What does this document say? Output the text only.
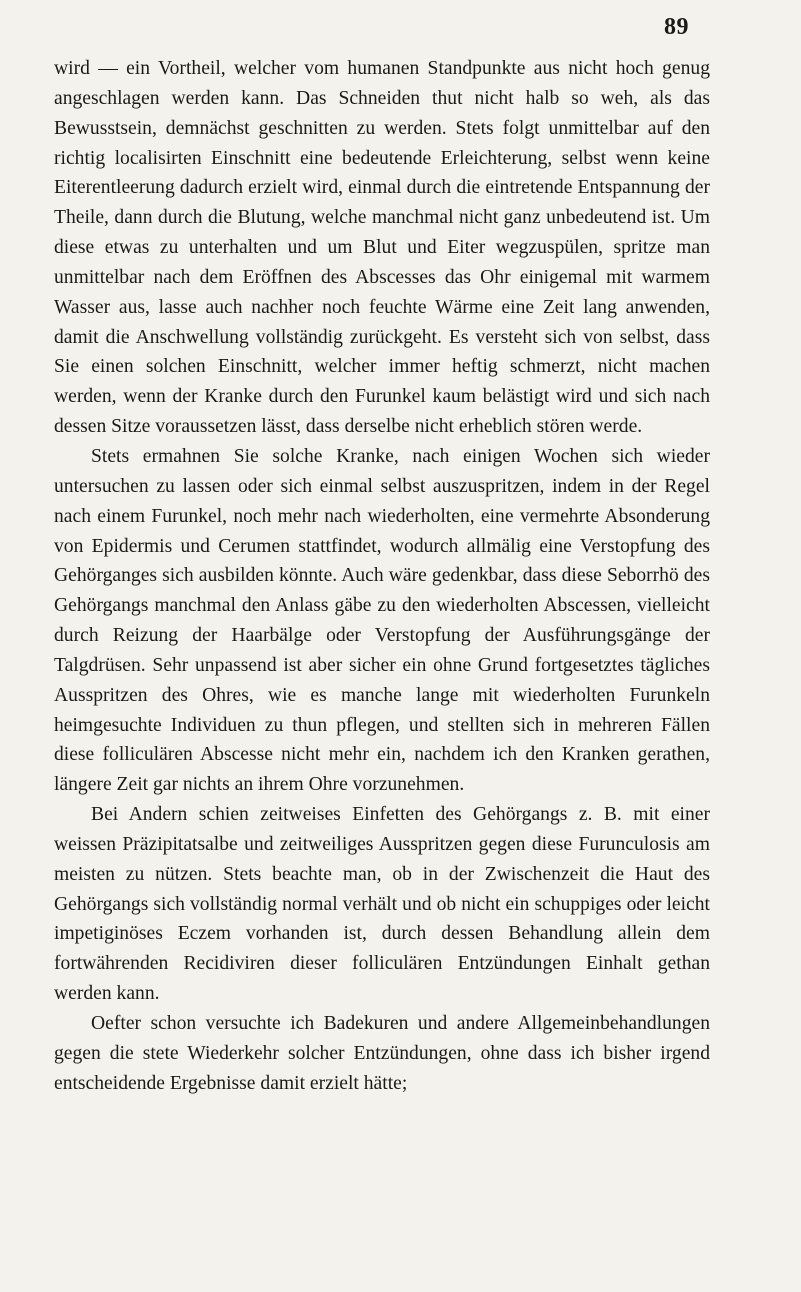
89

wird — ein Vortheil, welcher vom humanen Standpunkte aus nicht hoch genug angeschlagen werden kann. Das Schneiden thut nicht halb so weh, als das Bewusstsein, demnächst geschnitten zu werden. Stets folgt unmittelbar auf den richtig localisirten Einschnitt eine bedeutende Erleichterung, selbst wenn keine Eiterentleerung dadurch erzielt wird, einmal durch die eintretende Entspannung der Theile, dann durch die Blutung, welche manchmal nicht ganz unbedeutend ist. Um diese etwas zu unterhalten und um Blut und Eiter wegzuspülen, spritze man unmittelbar nach dem Eröffnen des Abscesses das Ohr einigemal mit warmem Wasser aus, lasse auch nachher noch feuchte Wärme eine Zeit lang anwenden, damit die Anschwellung vollständig zurückgeht. Es versteht sich von selbst, dass Sie einen solchen Einschnitt, welcher immer heftig schmerzt, nicht machen werden, wenn der Kranke durch den Furunkel kaum belästigt wird und sich nach dessen Sitze voraussetzen lässt, dass derselbe nicht erheblich stören werde.

Stets ermahnen Sie solche Kranke, nach einigen Wochen sich wieder untersuchen zu lassen oder sich einmal selbst auszuspritzen, indem in der Regel nach einem Furunkel, noch mehr nach wiederholten, eine vermehrte Absonderung von Epidermis und Cerumen stattfindet, wodurch allmälig eine Verstopfung des Gehörganges sich ausbilden könnte. Auch wäre gedenkbar, dass diese Seborrhö des Gehörgangs manchmal den Anlass gäbe zu den wiederholten Abscessen, vielleicht durch Reizung der Haarbälge oder Verstopfung der Ausführungsgänge der Talgdrüsen. Sehr unpassend ist aber sicher ein ohne Grund fortgesetztes tägliches Ausspritzen des Ohres, wie es manche lange mit wiederholten Furunkeln heimgesuchte Individuen zu thun pflegen, und stellten sich in mehreren Fällen diese folliculären Abscesse nicht mehr ein, nachdem ich den Kranken gerathen, längere Zeit gar nichts an ihrem Ohre vorzunehmen.

Bei Andern schien zeitweises Einfetten des Gehörgangs z. B. mit einer weissen Präzipitatsalbe und zeitweiliges Ausspritzen gegen diese Furunculosis am meisten zu nützen. Stets beachte man, ob in der Zwischenzeit die Haut des Gehörgangs sich vollständig normal verhält und ob nicht ein schuppiges oder leicht impetiginöses Eczem vorhanden ist, durch dessen Behandlung allein dem fortwährenden Recidiviren dieser folliculären Entzündungen Einhalt gethan werden kann.

Oefter schon versuchte ich Badekuren und andere Allgemeinbehandlungen gegen die stete Wiederkehr solcher Entzündungen, ohne dass ich bisher irgend entscheidende Ergebnisse damit erzielt hätte;
